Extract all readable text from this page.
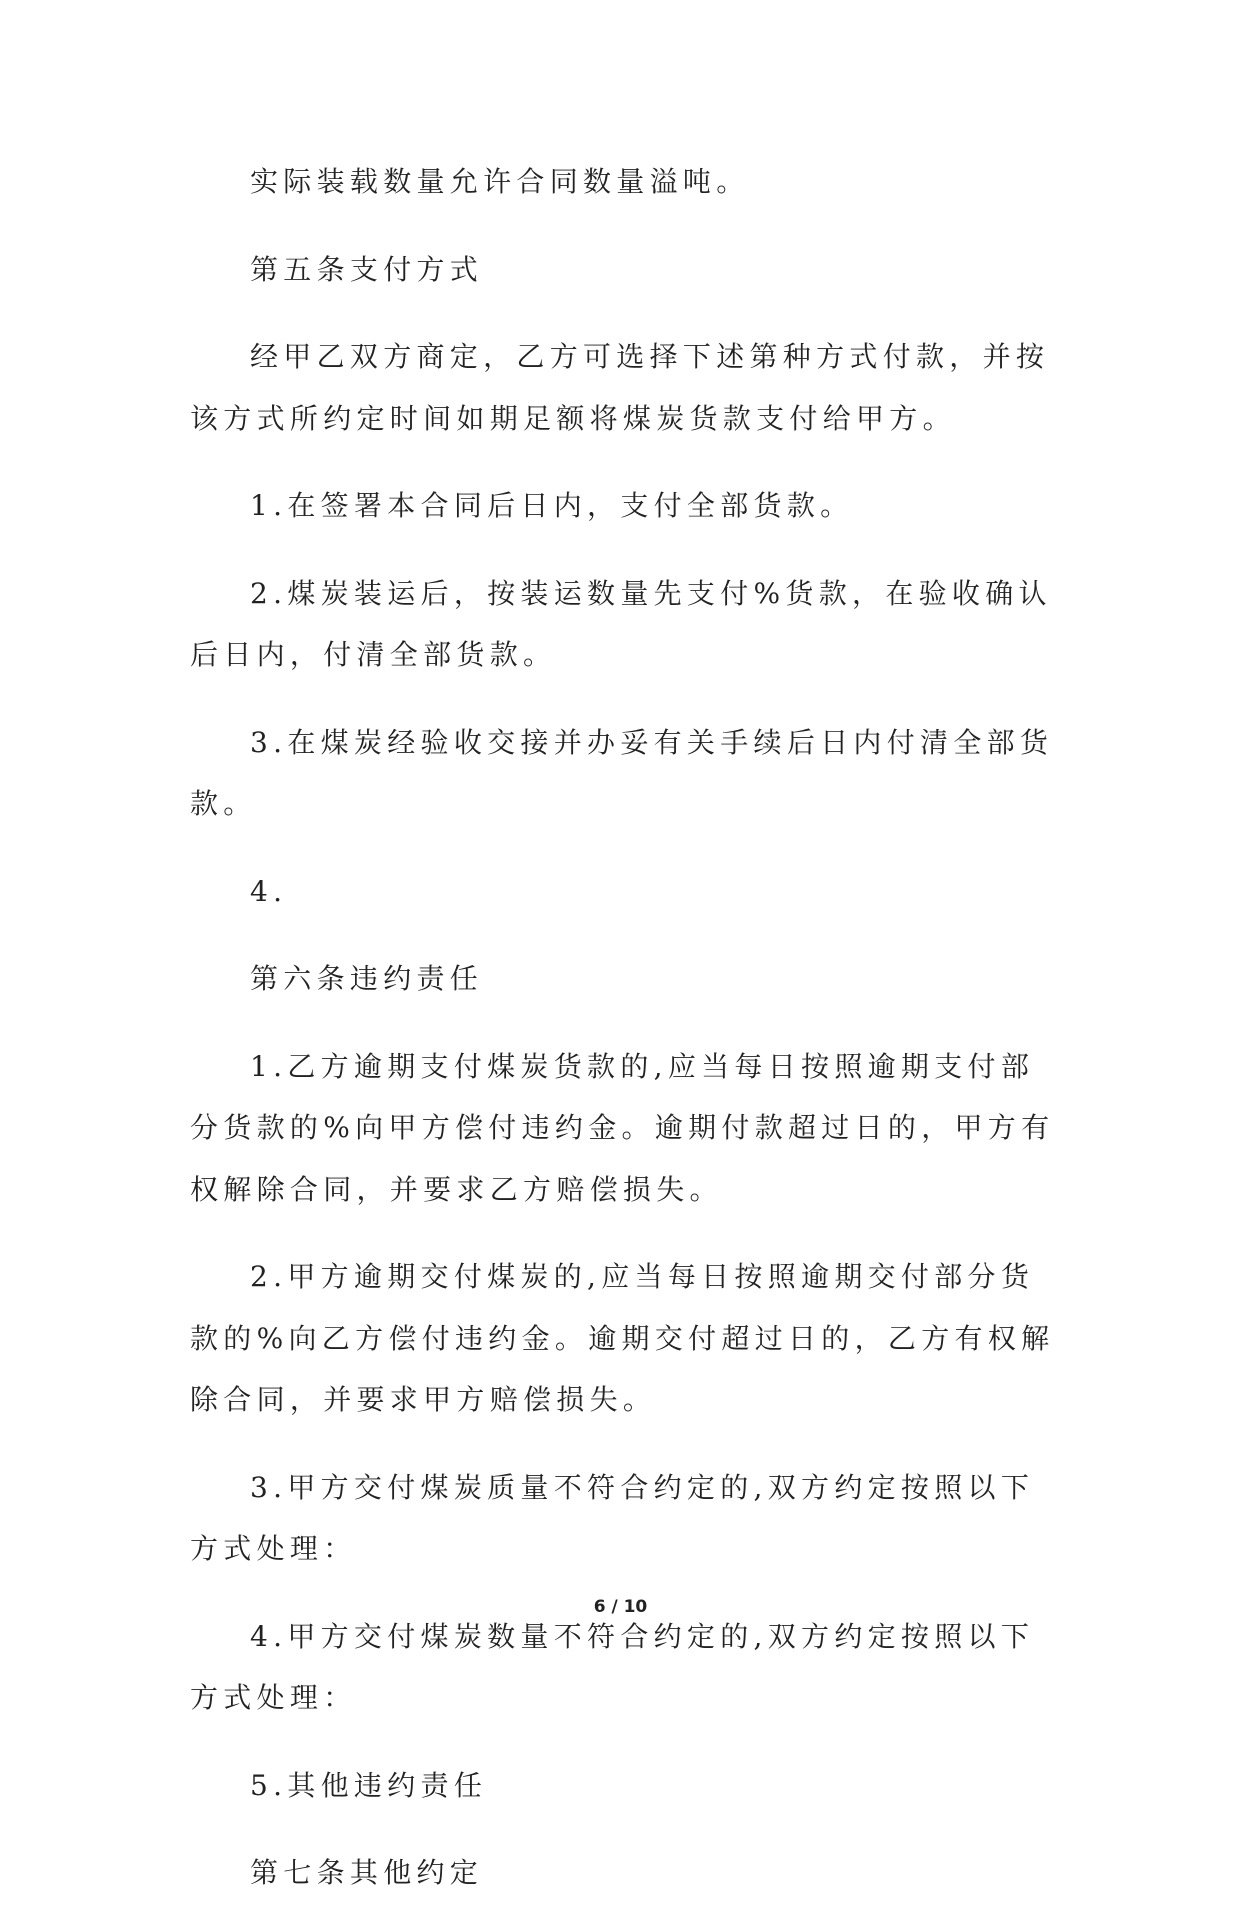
实际装载数量允许合同数量溢吨。

第五条支付方式

经甲乙双方商定，乙方可选择下述第种方式付款，并按该方式所约定时间如期足额将煤炭货款支付给甲方。

1.在签署本合同后日内，支付全部货款。

2.煤炭装运后，按装运数量先支付%货款，在验收确认后日内，付清全部货款。

3.在煤炭经验收交接并办妥有关手续后日内付清全部货款。

4.

第六条违约责任

1.乙方逾期支付煤炭货款的,应当每日按照逾期支付部分货款的%向甲方偿付违约金。逾期付款超过日的，甲方有权解除合同，并要求乙方赔偿损失。

2.甲方逾期交付煤炭的,应当每日按照逾期交付部分货款的%向乙方偿付违约金。逾期交付超过日的，乙方有权解除合同，并要求甲方赔偿损失。

3.甲方交付煤炭质量不符合约定的,双方约定按照以下方式处理：

4.甲方交付煤炭数量不符合约定的,双方约定按照以下方式处理：

5.其他违约责任

第七条其他约定

6 / 10
